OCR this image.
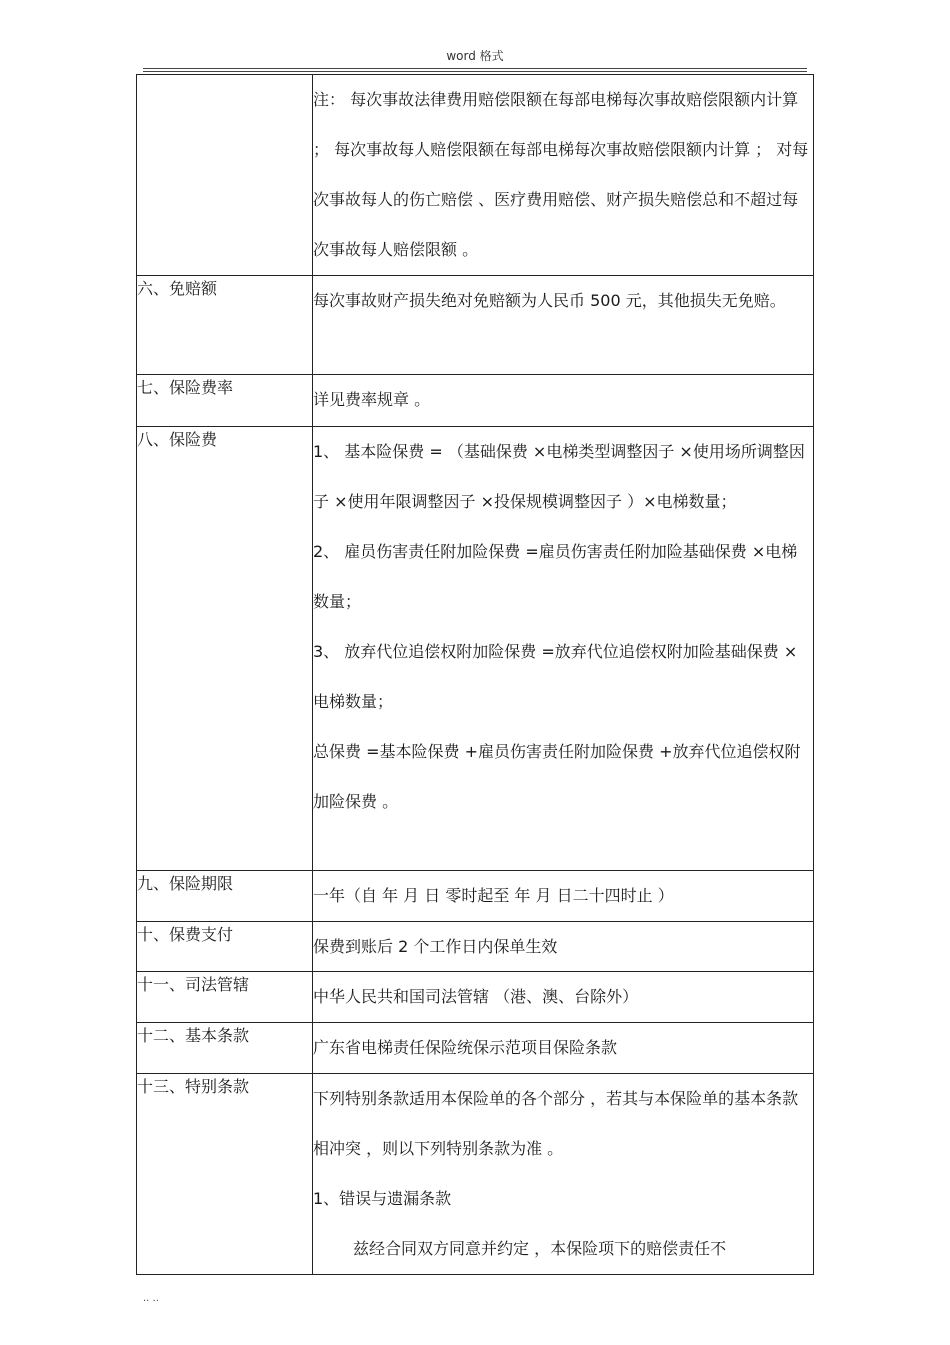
word 格式

	注： 每次事故法律费用赔偿限额在每部电梯每次事故赔偿限额内计算 ； 每次事故每人赔偿限额在每部电梯每次事故赔偿限额内计算 ； 对每次事故每人的伤亡赔偿 、医疗费用赔偿、财产损失赔偿总和不超过每次事故每人赔偿限额 。

六、免赔额	每次事故财产损失绝对免赔额为人民币 500 元，其他损失无免赔。

七、保险费率	详见费率规章 。

八、保险费	1、 基本险保费 = （基础保费 ×电梯类型调整因子 ×使用场所调整因子 ×使用年限调整因子 ×投保规模调整因子 ）×电梯数量；
2、 雇员伤害责任附加险保费 =雇员伤害责任附加险基础保费 ×电梯数量；
3、 放弃代位追偿权附加险保费 =放弃代位追偿权附加险基础保费 ×电梯数量；
总保费 =基本险保费 +雇员伤害责任附加险保费 +放弃代位追偿权附加险保费 。

九、保险期限	一年（自 年 月 日 零时起至 年 月 日二十四时止 ）

十、保费支付	保费到账后 2 个工作日内保单生效

十一、司法管辖	中华人民共和国司法管辖 （港、澳、台除外）

十二、基本条款	广东省电梯责任保险统保示范项目保险条款

十三、特别条款	下列特别条款适用本保险单的各个部分 ，若其与本保险单的基本条款相冲突 ，则以下列特别条款为准 。
1、错误与遗漏条款
兹经合同双方同意并约定 ，本保险项下的赔偿责任不
.. ..
